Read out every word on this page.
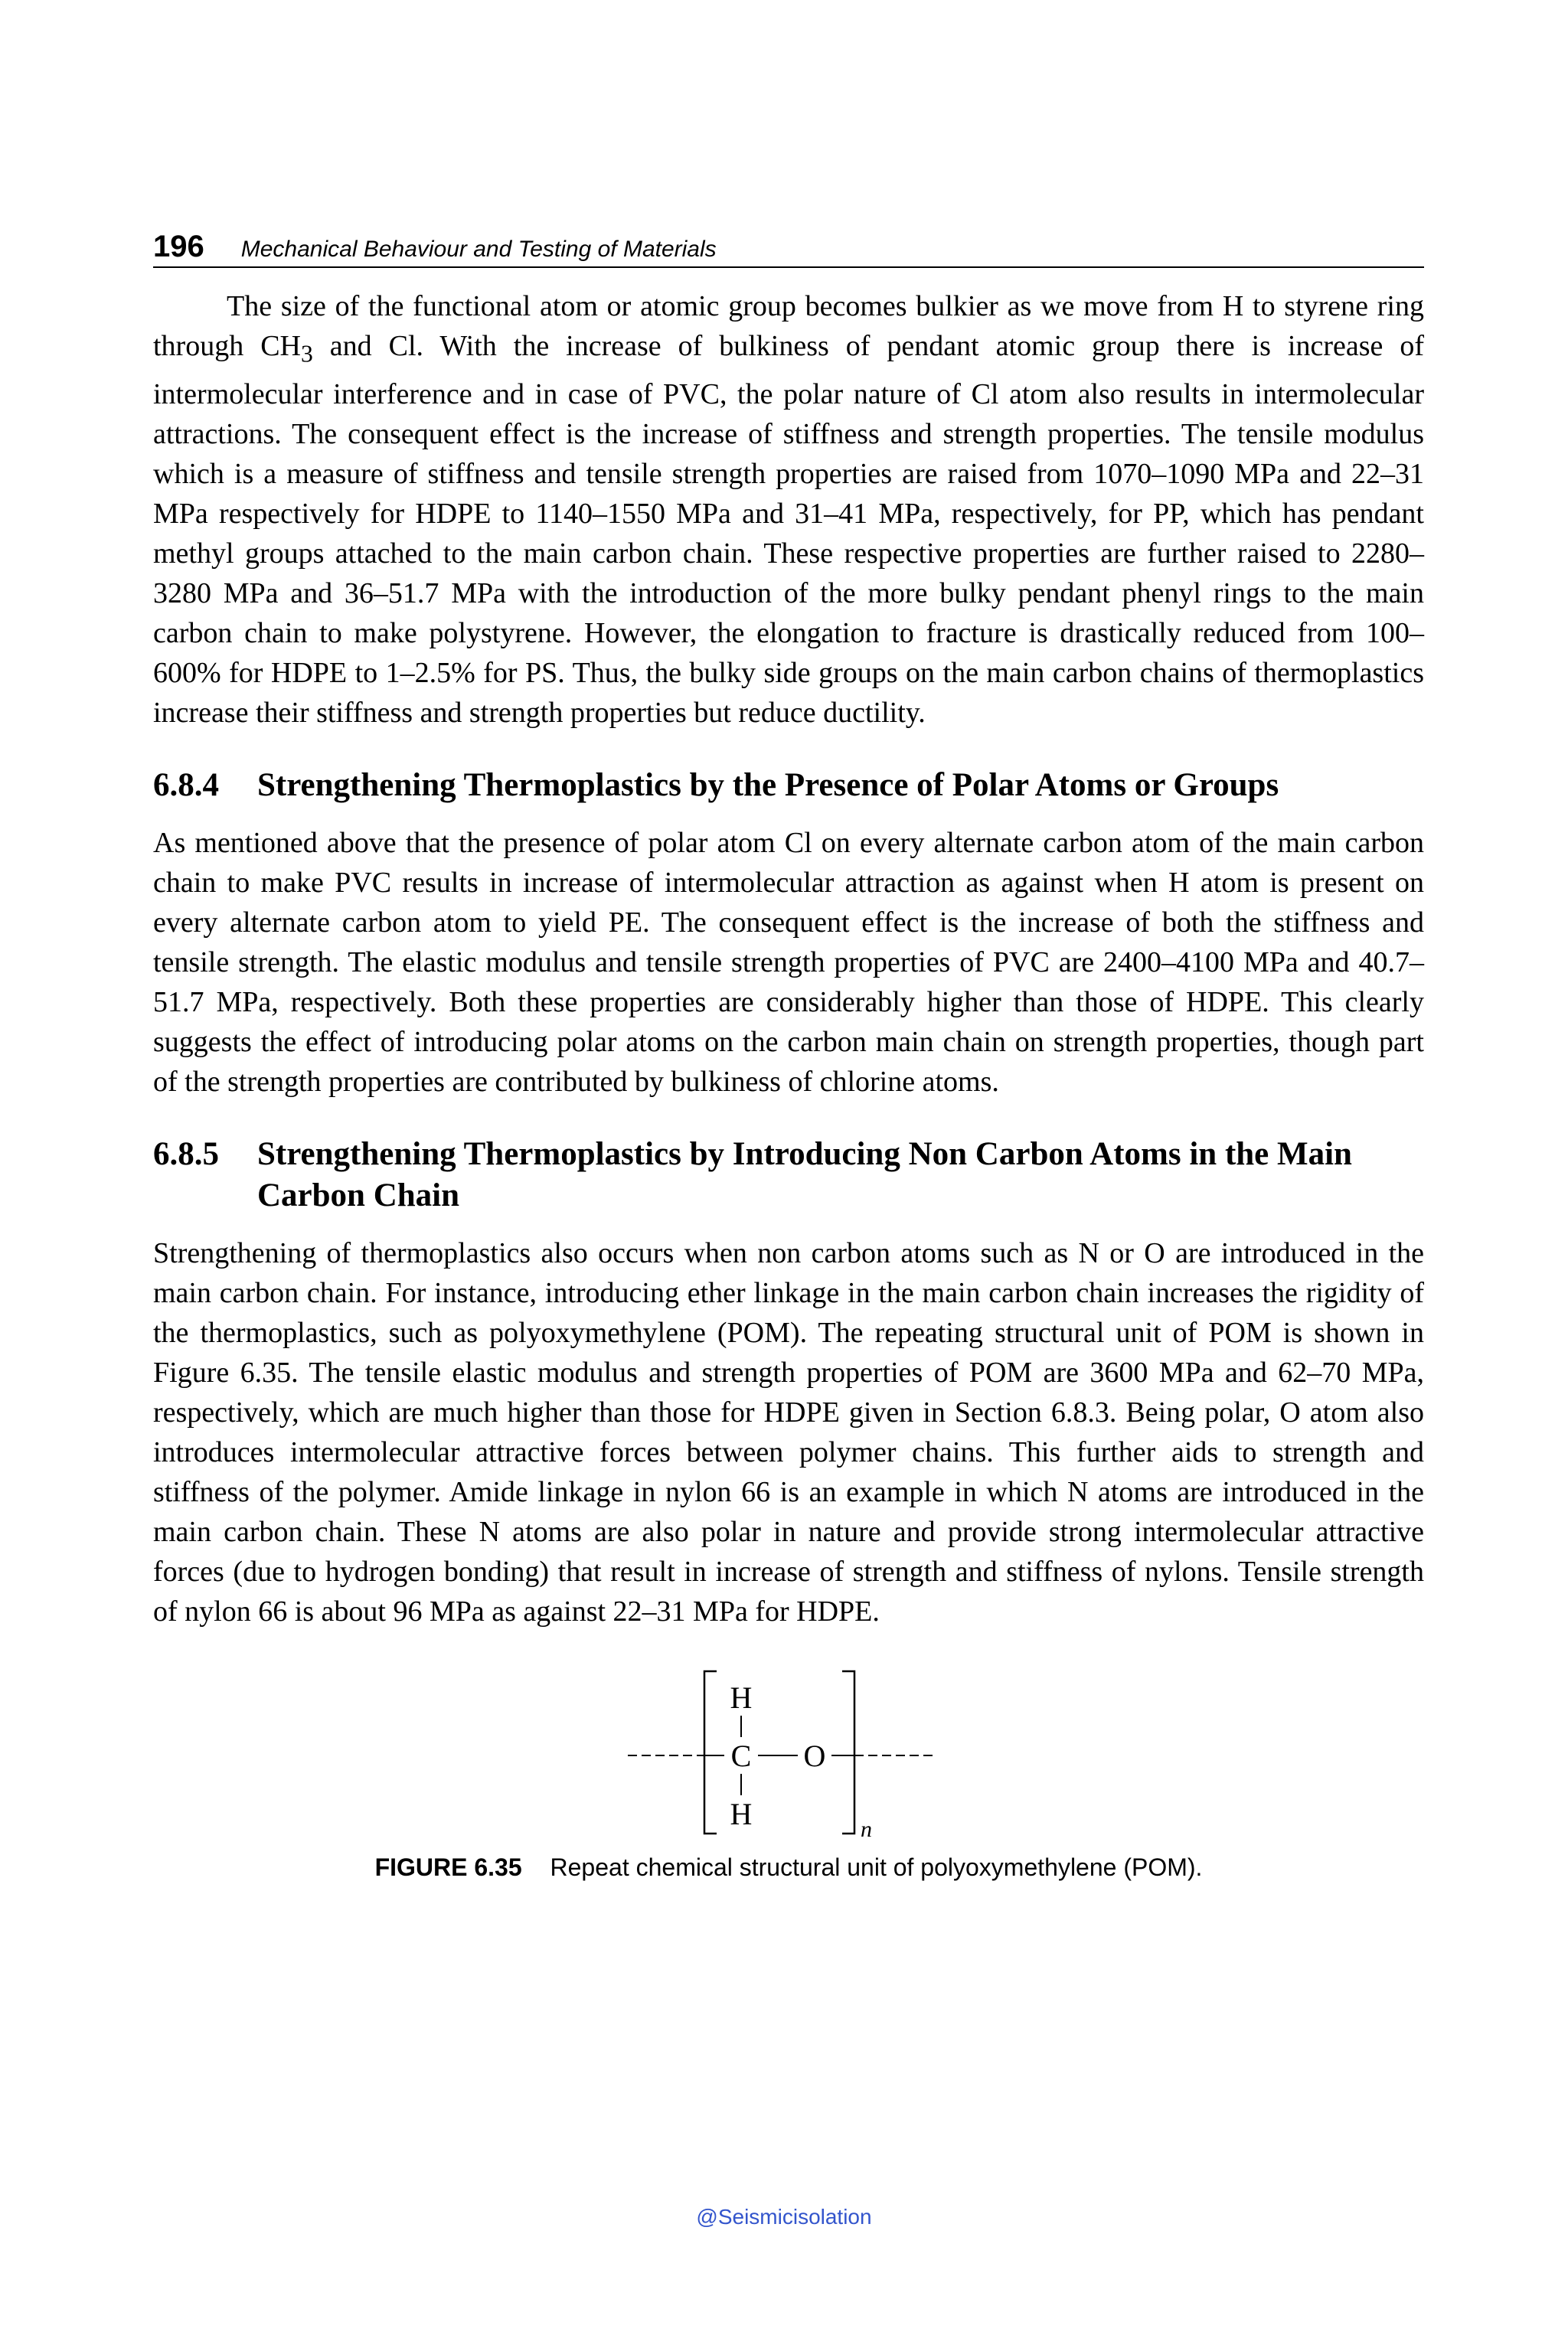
196 Mechanical Behaviour and Testing of Materials

The size of the functional atom or atomic group becomes bulkier as we move from H to styrene ring through $CH_3$ and Cl. With the increase of bulkiness of pendant atomic group there is increase of intermolecular interference and in case of PVC, the polar nature of Cl atom also results in intermolecular attractions. The consequent effect is the increase of stiffness and strength properties. The tensile modulus which is a measure of stiffness and tensile strength properties are raised from 1070–1090 MPa and 22–31 MPa respectively for HDPE to 1140–1550 MPa and 31–41 MPa, respectively, for PP, which has pendant methyl groups attached to the main carbon chain. These respective properties are further raised to 2280–3280 MPa and 36–51.7 MPa with the introduction of the more bulky pendant phenyl rings to the main carbon chain to make polystyrene. However, the elongation to fracture is drastically reduced from 100–600% for HDPE to 1–2.5% for PS. Thus, the bulky side groups on the main carbon chains of thermoplastics increase their stiffness and strength properties but reduce ductility.

6.8.4	Strengthening Thermoplastics by the Presence of Polar Atoms or Groups

As mentioned above that the presence of polar atom Cl on every alternate carbon atom of the main carbon chain to make PVC results in increase of intermolecular attraction as against when H atom is present on every alternate carbon atom to yield PE. The consequent effect is the increase of both the stiffness and tensile strength. The elastic modulus and tensile strength properties of PVC are 2400–4100 MPa and 40.7–51.7 MPa, respectively. Both these properties are considerably higher than those of HDPE. This clearly suggests the effect of introducing polar atoms on the carbon main chain on strength properties, though part of the strength properties are contributed by bulkiness of chlorine atoms.

6.8.5	Strengthening Thermoplastics by Introducing Non Carbon Atoms in the Main Carbon Chain

Strengthening of thermoplastics also occurs when non carbon atoms such as N or O are introduced in the main carbon chain. For instance, introducing ether linkage in the main carbon chain increases the rigidity of the thermoplastics, such as polyoxymethylene (POM). The repeating structural unit of POM is shown in Figure 6.35. The tensile elastic modulus and strength properties of POM are 3600 MPa and 62–70 MPa, respectively, which are much higher than those for HDPE given in Section 6.8.3. Being polar, O atom also introduces intermolecular attractive forces between polymer chains. This further aids to strength and stiffness of the polymer. Amide linkage in nylon 66 is an example in which N atoms are introduced in the main carbon chain. These N atoms are also polar in nature and provide strong intermolecular attractive forces (due to hydrogen bonding) that result in increase of strength and stiffness of nylons. Tensile strength of nylon 66 is about 96 MPa as against 22–31 MPa for HDPE.

H
C O
H	n
FIGURE 6.35 Repeat chemical structural unit of polyoxymethylene (POM).
@Seismicisolation
